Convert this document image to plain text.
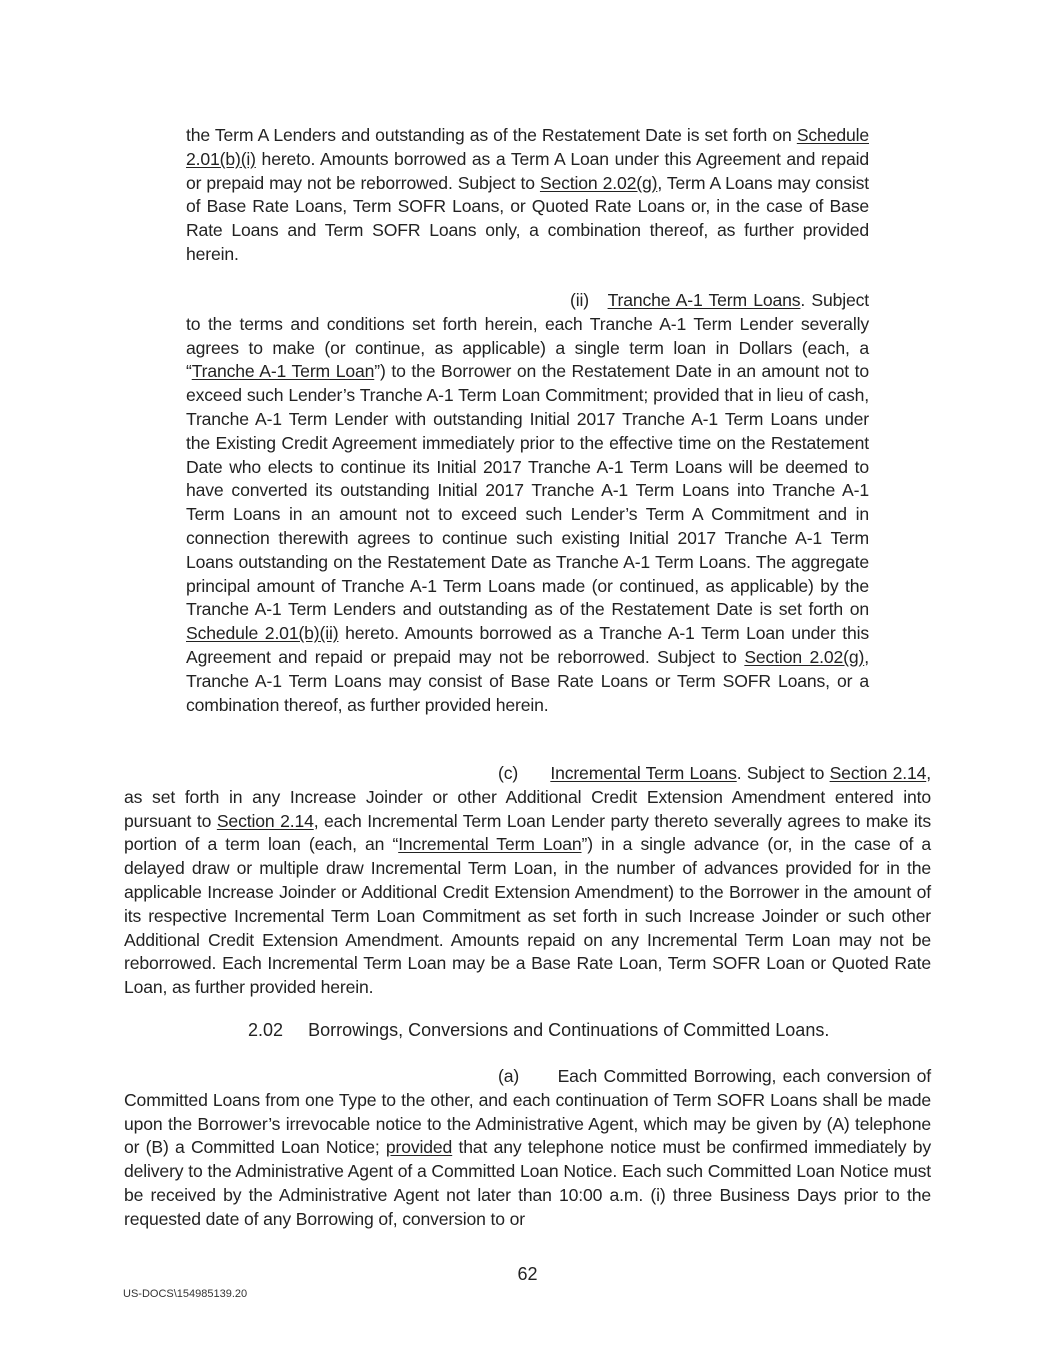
the Term A Lenders and outstanding as of the Restatement Date is set forth on Schedule 2.01(b)(i) hereto. Amounts borrowed as a Term A Loan under this Agreement and repaid or prepaid may not be reborrowed. Subject to Section 2.02(g), Term A Loans may consist of Base Rate Loans, Term SOFR Loans, or Quoted Rate Loans or, in the case of Base Rate Loans and Term SOFR Loans only, a combination thereof, as further provided herein.

(ii) Tranche A-1 Term Loans. Subject to the terms and conditions set forth herein, each Tranche A-1 Term Lender severally agrees to make (or continue, as applicable) a single term loan in Dollars (each, a “Tranche A-1 Term Loan”) to the Borrower on the Restatement Date in an amount not to exceed such Lender’s Tranche A-1 Term Loan Commitment; provided that in lieu of cash, Tranche A-1 Term Lender with outstanding Initial 2017 Tranche A-1 Term Loans under the Existing Credit Agreement immediately prior to the effective time on the Restatement Date who elects to continue its Initial 2017 Tranche A-1 Term Loans will be deemed to have converted its outstanding Initial 2017 Tranche A-1 Term Loans into Tranche A-1 Term Loans in an amount not to exceed such Lender’s Term A Commitment and in connection therewith agrees to continue such existing Initial 2017 Tranche A-1 Term Loans outstanding on the Restatement Date as Tranche A-1 Term Loans. The aggregate principal amount of Tranche A-1 Term Loans made (or continued, as applicable) by the Tranche A-1 Term Lenders and outstanding as of the Restatement Date is set forth on Schedule 2.01(b)(ii) hereto. Amounts borrowed as a Tranche A-1 Term Loan under this Agreement and repaid or prepaid may not be reborrowed. Subject to Section 2.02(g), Tranche A-1 Term Loans may consist of Base Rate Loans or Term SOFR Loans, or a combination thereof, as further provided herein.

(c) Incremental Term Loans. Subject to Section 2.14, as set forth in any Increase Joinder or other Additional Credit Extension Amendment entered into pursuant to Section 2.14, each Incremental Term Loan Lender party thereto severally agrees to make its portion of a term loan (each, an “Incremental Term Loan”) in a single advance (or, in the case of a delayed draw or multiple draw Incremental Term Loan, in the number of advances provided for in the applicable Increase Joinder or Additional Credit Extension Amendment) to the Borrower in the amount of its respective Incremental Term Loan Commitment as set forth in such Increase Joinder or such other Additional Credit Extension Amendment. Amounts repaid on any Incremental Term Loan may not be reborrowed. Each Incremental Term Loan may be a Base Rate Loan, Term SOFR Loan or Quoted Rate Loan, as further provided herein.

2.02 Borrowings, Conversions and Continuations of Committed Loans.

(a) Each Committed Borrowing, each conversion of Committed Loans from one Type to the other, and each continuation of Term SOFR Loans shall be made upon the Borrower’s irrevocable notice to the Administrative Agent, which may be given by (A) telephone or (B) a Committed Loan Notice; provided that any telephone notice must be confirmed immediately by delivery to the Administrative Agent of a Committed Loan Notice. Each such Committed Loan Notice must be received by the Administrative Agent not later than 10:00 a.m. (i) three Business Days prior to the requested date of any Borrowing of, conversion to or

62
US-DOCS\154985139.20
